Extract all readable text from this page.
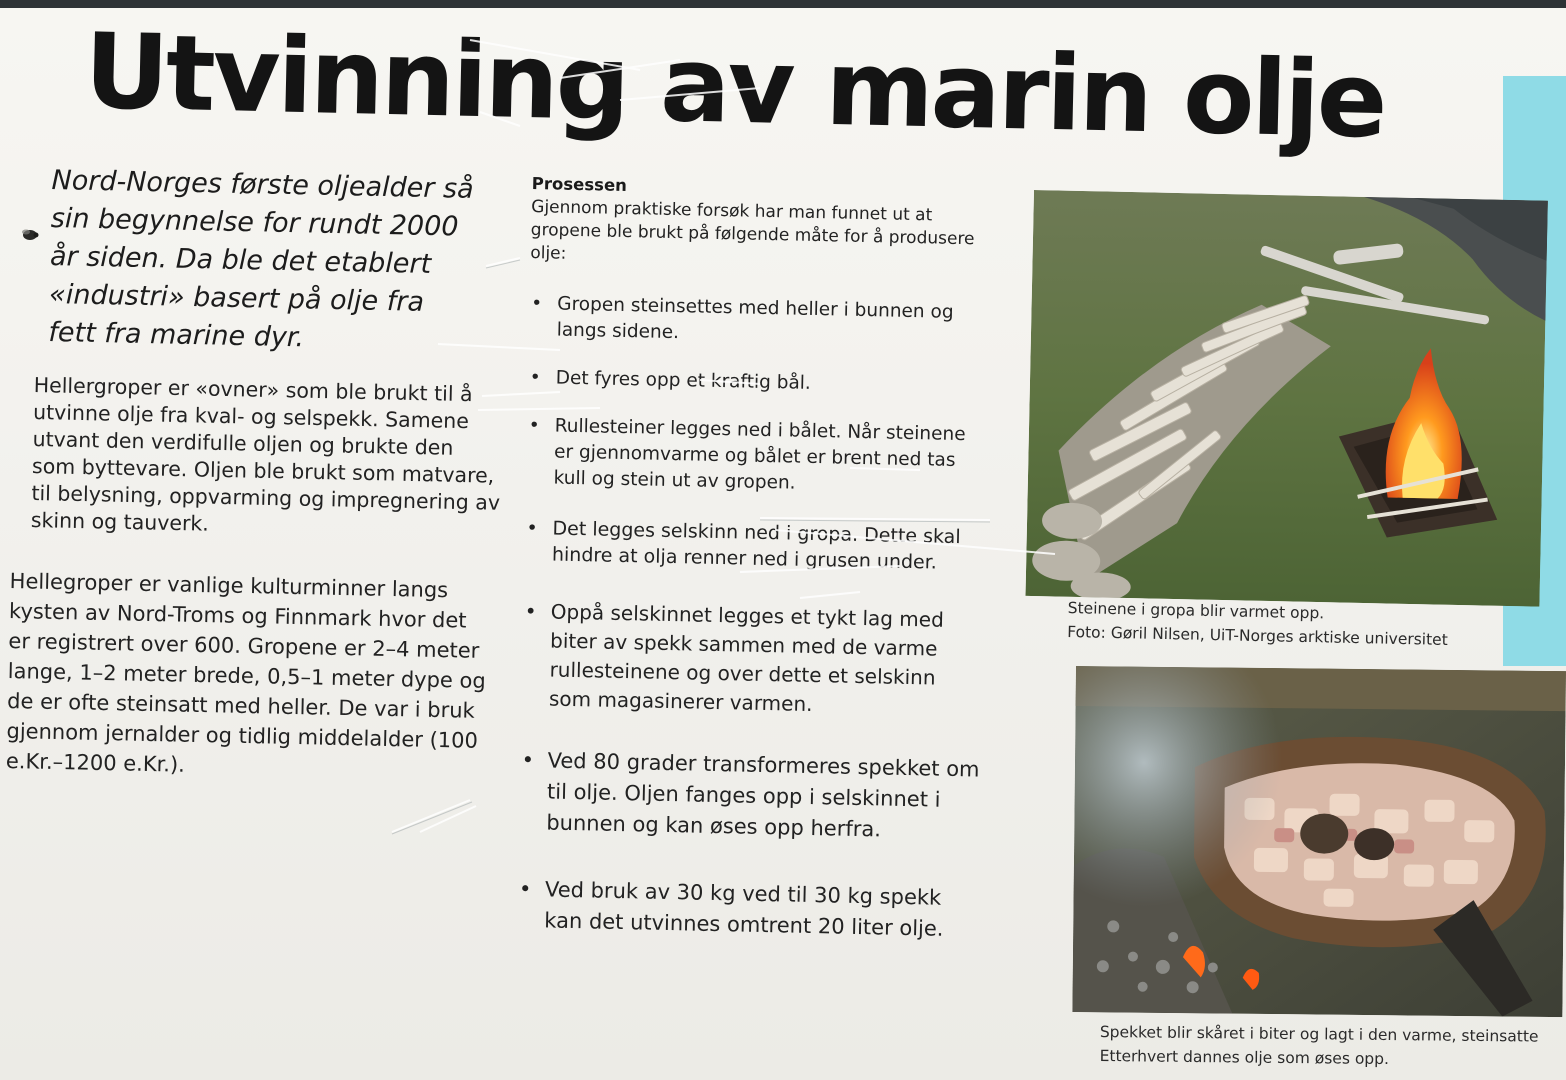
Utvinning av marin olje

Nord-Norges første oljealder så sin begynnelse for rundt 2000 år siden. Da ble det etablert «industri» basert på olje fra fett fra marine dyr.

Hellergroper er «ovner» som ble brukt til å utvinne olje fra kval- og selspekk. Samene utvant den verdifulle oljen og brukte den som byttevare. Oljen ble brukt som matvare, til belysning, oppvarming og impregnering av skinn og tauverk.

Hellegroper er vanlige kulturminner langs kysten av Nord-Troms og Finnmark hvor det er registrert over 600. Gropene er 2–4 meter lange, 1–2 meter brede, 0,5–1 meter dype og de er ofte steinsatt med heller. De var i bruk gjennom jernalder og tidlig middelalder (100 e.Kr.–1200 e.Kr.).

Prosessen
Gjennom praktiske forsøk har man funnet ut at gropene ble brukt på følgende måte for å produsere olje:
• Gropen steinsettes med heller i bunnen og langs sidene.
• Det fyres opp et kraftig bål.
• Rullesteiner legges ned i bålet. Når steinene er gjennomvarme og bålet er brent ned tas kull og stein ut av gropen.
• Det legges selskinn ned i gropa. Dette skal hindre at olja renner ned i grusen under.
• Oppå selskinnet legges et tykt lag med biter av spekk sammen med de varme rullesteinene og over dette et selskinn som magasinerer varmen.
• Ved 80 grader transformeres spekket om til olje. Oljen fanges opp i selskinnet i bunnen og kan øses opp herfra.
• Ved bruk av 30 kg ved til 30 kg spekk kan det utvinnes omtrent 20 liter olje.
Steinene i gropa blir varmet opp.
Foto: Gøril Nilsen, UiT-Norges arktiske universitet
Spekket blir skåret i biter og lagt i den varme, steinsatte
Etterhvert dannes olje som øses opp.
